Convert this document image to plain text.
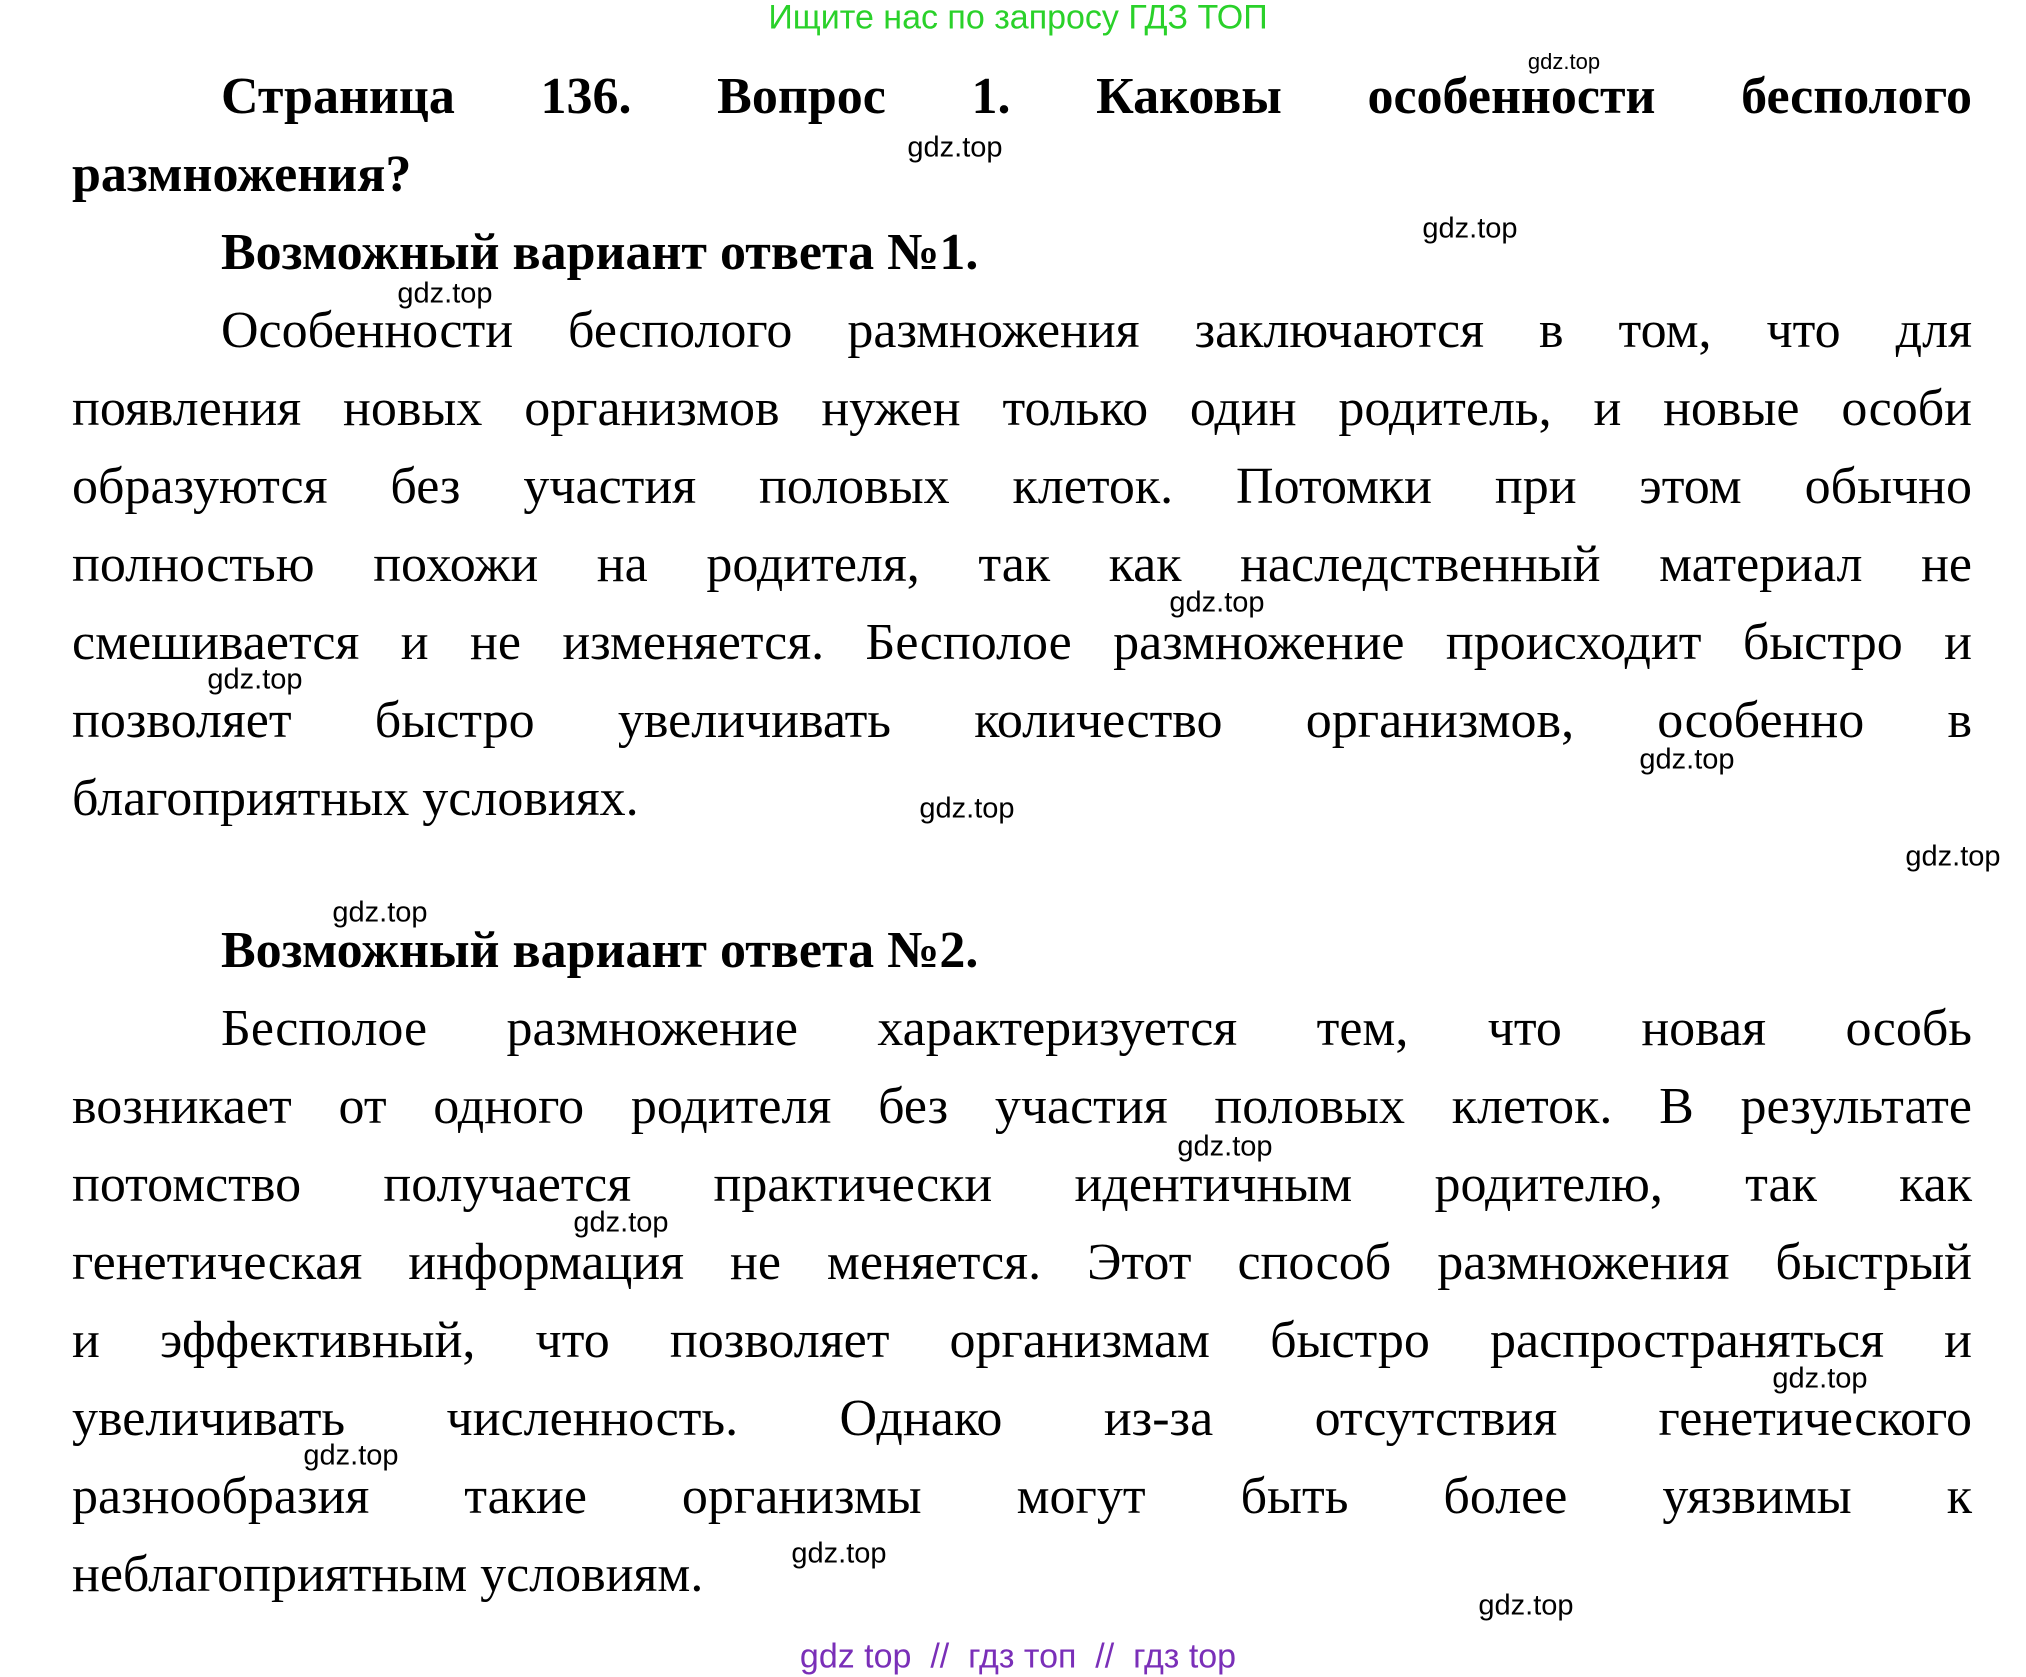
Ищите нас по запросу ГДЗ ТОП
Страница 136. Вопрос 1. Каковы особенности бесполого
размножения?
Возможный вариант ответа №1.
Особенности бесполого размножения заключаются в том, что для
появления новых организмов нужен только один родитель, и новые особи
образуются без участия половых клеток. Потомки при этом обычно
полностью похожи на родителя, так как наследственный материал не
смешивается и не изменяется. Бесполое размножение происходит быстро и
позволяет быстро увеличивать количество организмов, особенно в
благоприятных условиях.
Возможный вариант ответа №2.
Бесполое размножение характеризуется тем, что новая особь
возникает от одного родителя без участия половых клеток. В результате
потомство получается практически идентичным родителю, так как
генетическая информация не меняется. Этот способ размножения быстрый
и эффективный, что позволяет организмам быстро распространяться и
увеличивать численность. Однако из-за отсутствия генетического
разнообразия такие организмы могут быть более уязвимы к
неблагоприятным условиям.
gdz.top
gdz.top
gdz.top
gdz.top
gdz.top
gdz.top
gdz.top
gdz.top
gdz.top
gdz.top
gdz.top
gdz.top
gdz.top
gdz.top
gdz.top
gdz.top
gdz top  //  гдз топ  //  гдз top
